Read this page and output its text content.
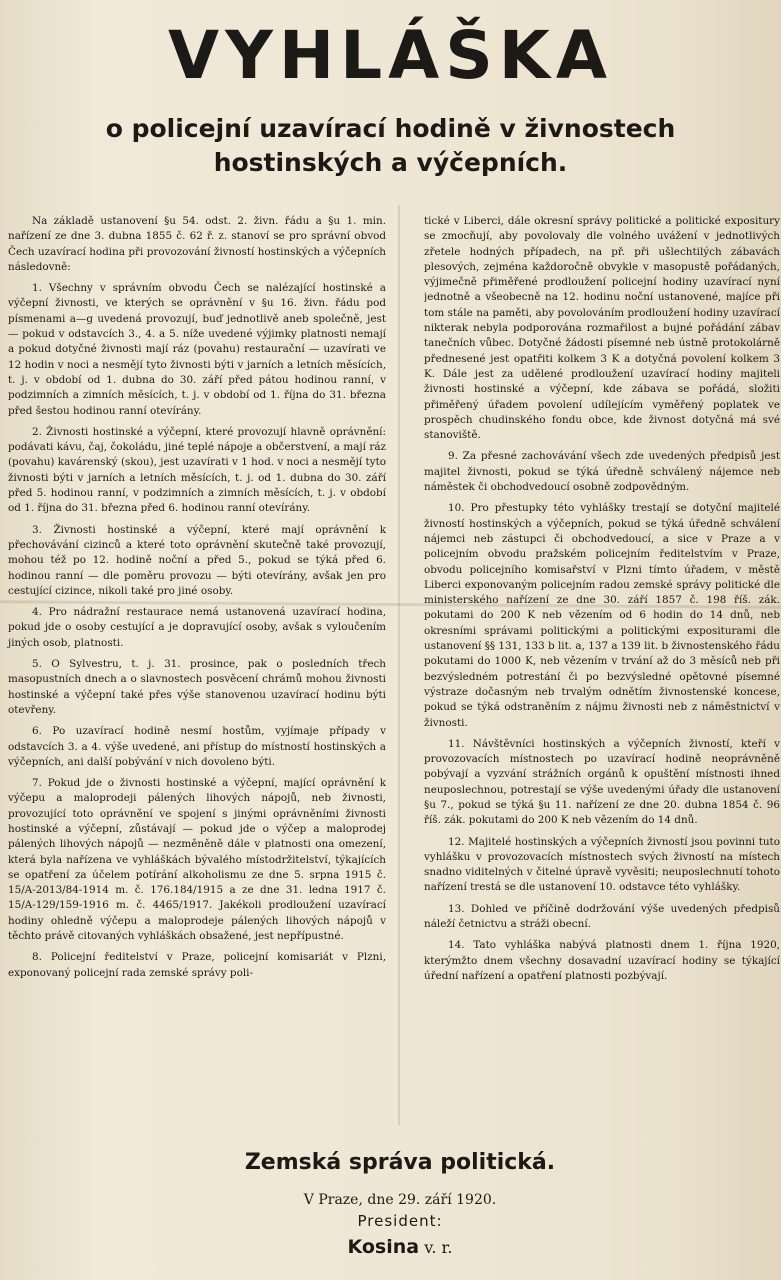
VYHLÁŠKA
o policejní uzavírací hodině v živnostech
hostinských a výčepních.

Na základě ustanovení §u 54. odst. 2. živn. řádu a §u 1. min. nařízení ze dne 3. dubna 1855 č. 62 ř. z. stanoví se pro správní obvod Čech uzavírací hodina při provozování živností hostinských a výčepních následovně:

1. Všechny v správním obvodu Čech se nalézající hostinské a výčepní živnosti, ve kterých se oprávnění v §u 16. živn. řádu pod písmenami a—g uvedená provozují, buď jednotlivě aneb společně, jest — pokud v odstavcích 3., 4. a 5. níže uvedené výjimky platnosti nemají a pokud dotyčné živnosti mají ráz (povahu) restaurační — uzavírati ve 12 hodin v noci a nesmějí tyto živnosti býti v jarních a letních měsících, t. j. v období od 1. dubna do 30. září před pátou hodinou ranní, v podzimních a zimních měsících, t. j. v období od 1. října do 31. března před šestou hodinou ranní otevírány.

2. Živnosti hostinské a výčepní, které provozují hlavně oprávnění: podávati kávu, čaj, čokoládu, jiné teplé nápoje a občerstvení, a mají ráz (povahu) kavárenský (skou), jest uzavírati v 1 hod. v noci a nesmějí tyto živnosti býti v jarních a letních měsících, t. j. od 1. dubna do 30. září před 5. hodinou ranní, v podzimních a zimních měsících, t. j. v období od 1. října do 31. března před 6. hodinou ranní otevírány.

3. Živnosti hostinské a výčepní, které mají oprávnění k přechovávání cizinců a které toto oprávnění skutečně také provozují, mohou též po 12. hodině noční a před 5., pokud se týká před 6. hodinou ranní — dle poměru provozu — býti otevírány, avšak jen pro cestující cizince, nikoli také pro jiné osoby.

4. Pro nádražní restaurace nemá ustanovená uzavírací hodina, pokud jde o osoby cestující a je dopravující osoby, avšak s vyloučením jiných osob, platnosti.

5. O Sylvestru, t. j. 31. prosince, pak o posledních třech masopustních dnech a o slavnostech posvěcení chrámů mohou živnosti hostinské a výčepní také přes výše stanovenou uzavírací hodinu býti otevřeny.

6. Po uzavírací hodině nesmí hostům, vyjímaje případy v odstavcích 3. a 4. výše uvedené, ani přístup do místností hostinských a výčepních, ani další pobývání v nich dovoleno býti.

7. Pokud jde o živnosti hostinské a výčepní, mající oprávnění k výčepu a maloprodeji pálených lihových nápojů, neb živnosti, provozující toto oprávnění ve spojení s jinými oprávněními živnosti hostinské a výčepní, zůstávají — pokud jde o výčep a maloprodej pálených lihových nápojů — nezměněně dále v platnosti ona omezení, která byla nařízena ve vyhláškách bývalého místodržitelství, týkajících se opatření za účelem potírání alkoholismu ze dne 5. srpna 1915 č. 15/A-2013/84-1914 m. č. 176.184/1915 a ze dne 31. ledna 1917 č. 15/A-129/159-1916 m. č. 4465/1917. Jakékoli prodloužení uzavírací hodiny ohledně výčepu a maloprodeje pálených lihových nápojů v těchto právě citovaných vyhláškách obsažené, jest nepřípustné.

8. Policejní ředitelství v Praze, policejní komisariát v Plzni, exponovaný policejní rada zemské správy poli-

tické v Liberci, dále okresní správy politické a politické expositury se zmocňují, aby povolovaly dle volného uvážení v jednotlivých zřetele hodných případech, na př. při ušlechtilých zábavách plesových, zejména každoročně obvykle v masopustě pořádaných, výjimečně přiměřené prodloužení policejní hodiny uzavírací nyní jednotně a všeobecně na 12. hodinu noční ustanovené, majíce při tom stále na paměti, aby povolováním prodloužení hodiny uzavírací nikterak nebyla podporována rozmařilost a bujné pořádání zábav tanečních vůbec. Dotyčné žádosti písemné neb ústně protokolárně přednesené jest opatřiti kolkem 3 K a dotyčná povolení kolkem 3 K. Dále jest za udělené prodloužení uzavírací hodiny majiteli živnosti hostinské a výčepní, kde zábava se pořádá, složiti přiměřený úřadem povolení udílejícím vyměřený poplatek ve prospěch chudinského fondu obce, kde živnost dotyčná má své stanoviště.

9. Za přesné zachovávání všech zde uvedených předpisů jest majitel živnosti, pokud se týká úředně schválený nájemce neb náměstek či obchodvedoucí osobně zodpovědným.

10. Pro přestupky této vyhlášky trestají se dotyční majitelé živností hostinských a výčepních, pokud se týká úředně schválení nájemci neb zástupci či obchodvedoucí, a sice v Praze a v policejním obvodu pražském policejním ředitelstvím v Praze, obvodu policejního komisařství v Plzni tímto úřadem, v městě Liberci exponovaným policejním radou zemské správy politické dle ministerského nařízení ze dne 30. září 1857 č. 198 říš. zák. pokutami do 200 K neb vězením od 6 hodin do 14 dnů, neb okresními správami politickými a politickými expositurami dle ustanovení §§ 131, 133 b lit. a, 137 a 139 lit. b živnostenského řádu pokutami do 1000 K, neb vězením v trvání až do 3 měsíců neb při bezvýsledném potrestání či po bezvýsledné opětovné písemné výstraze dočasným neb trvalým odnětím živnostenské koncese, pokud se týká odstraněním z nájmu živnosti neb z náměstnictví v živnosti.

11. Návštěvníci hostinských a výčepních živností, kteří v provozovacích místnostech po uzavírací hodině neoprávněně pobývají a vyzvání strážních orgánů k opuštění místnosti ihned neuposlechnou, potrestají se výše uvedenými úřady dle ustanovení §u 7., pokud se týká §u 11. nařízení ze dne 20. dubna 1854 č. 96 říš. zák. pokutami do 200 K neb vězením do 14 dnů.

12. Majitelé hostinských a výčepních živností jsou povinni tuto vyhlášku v provozovacích místnostech svých živností na místech snadno viditelných v čitelné úpravě vyvěsiti; neuposlechnutí tohoto nařízení trestá se dle ustanovení 10. odstavce této vyhlášky.

13. Dohled ve příčině dodržování výše uvedených předpisů náleží četnictvu a stráži obecní.

14. Tato vyhláška nabývá platnosti dnem 1. října 1920, kterýmžto dnem všechny dosavadní uzavírací hodiny se týkající úřední nařízení a opatření platnosti pozbývají.

Zemská správa politická.
V Praze, dne 29. září 1920.
President:
Kosina v. r.
